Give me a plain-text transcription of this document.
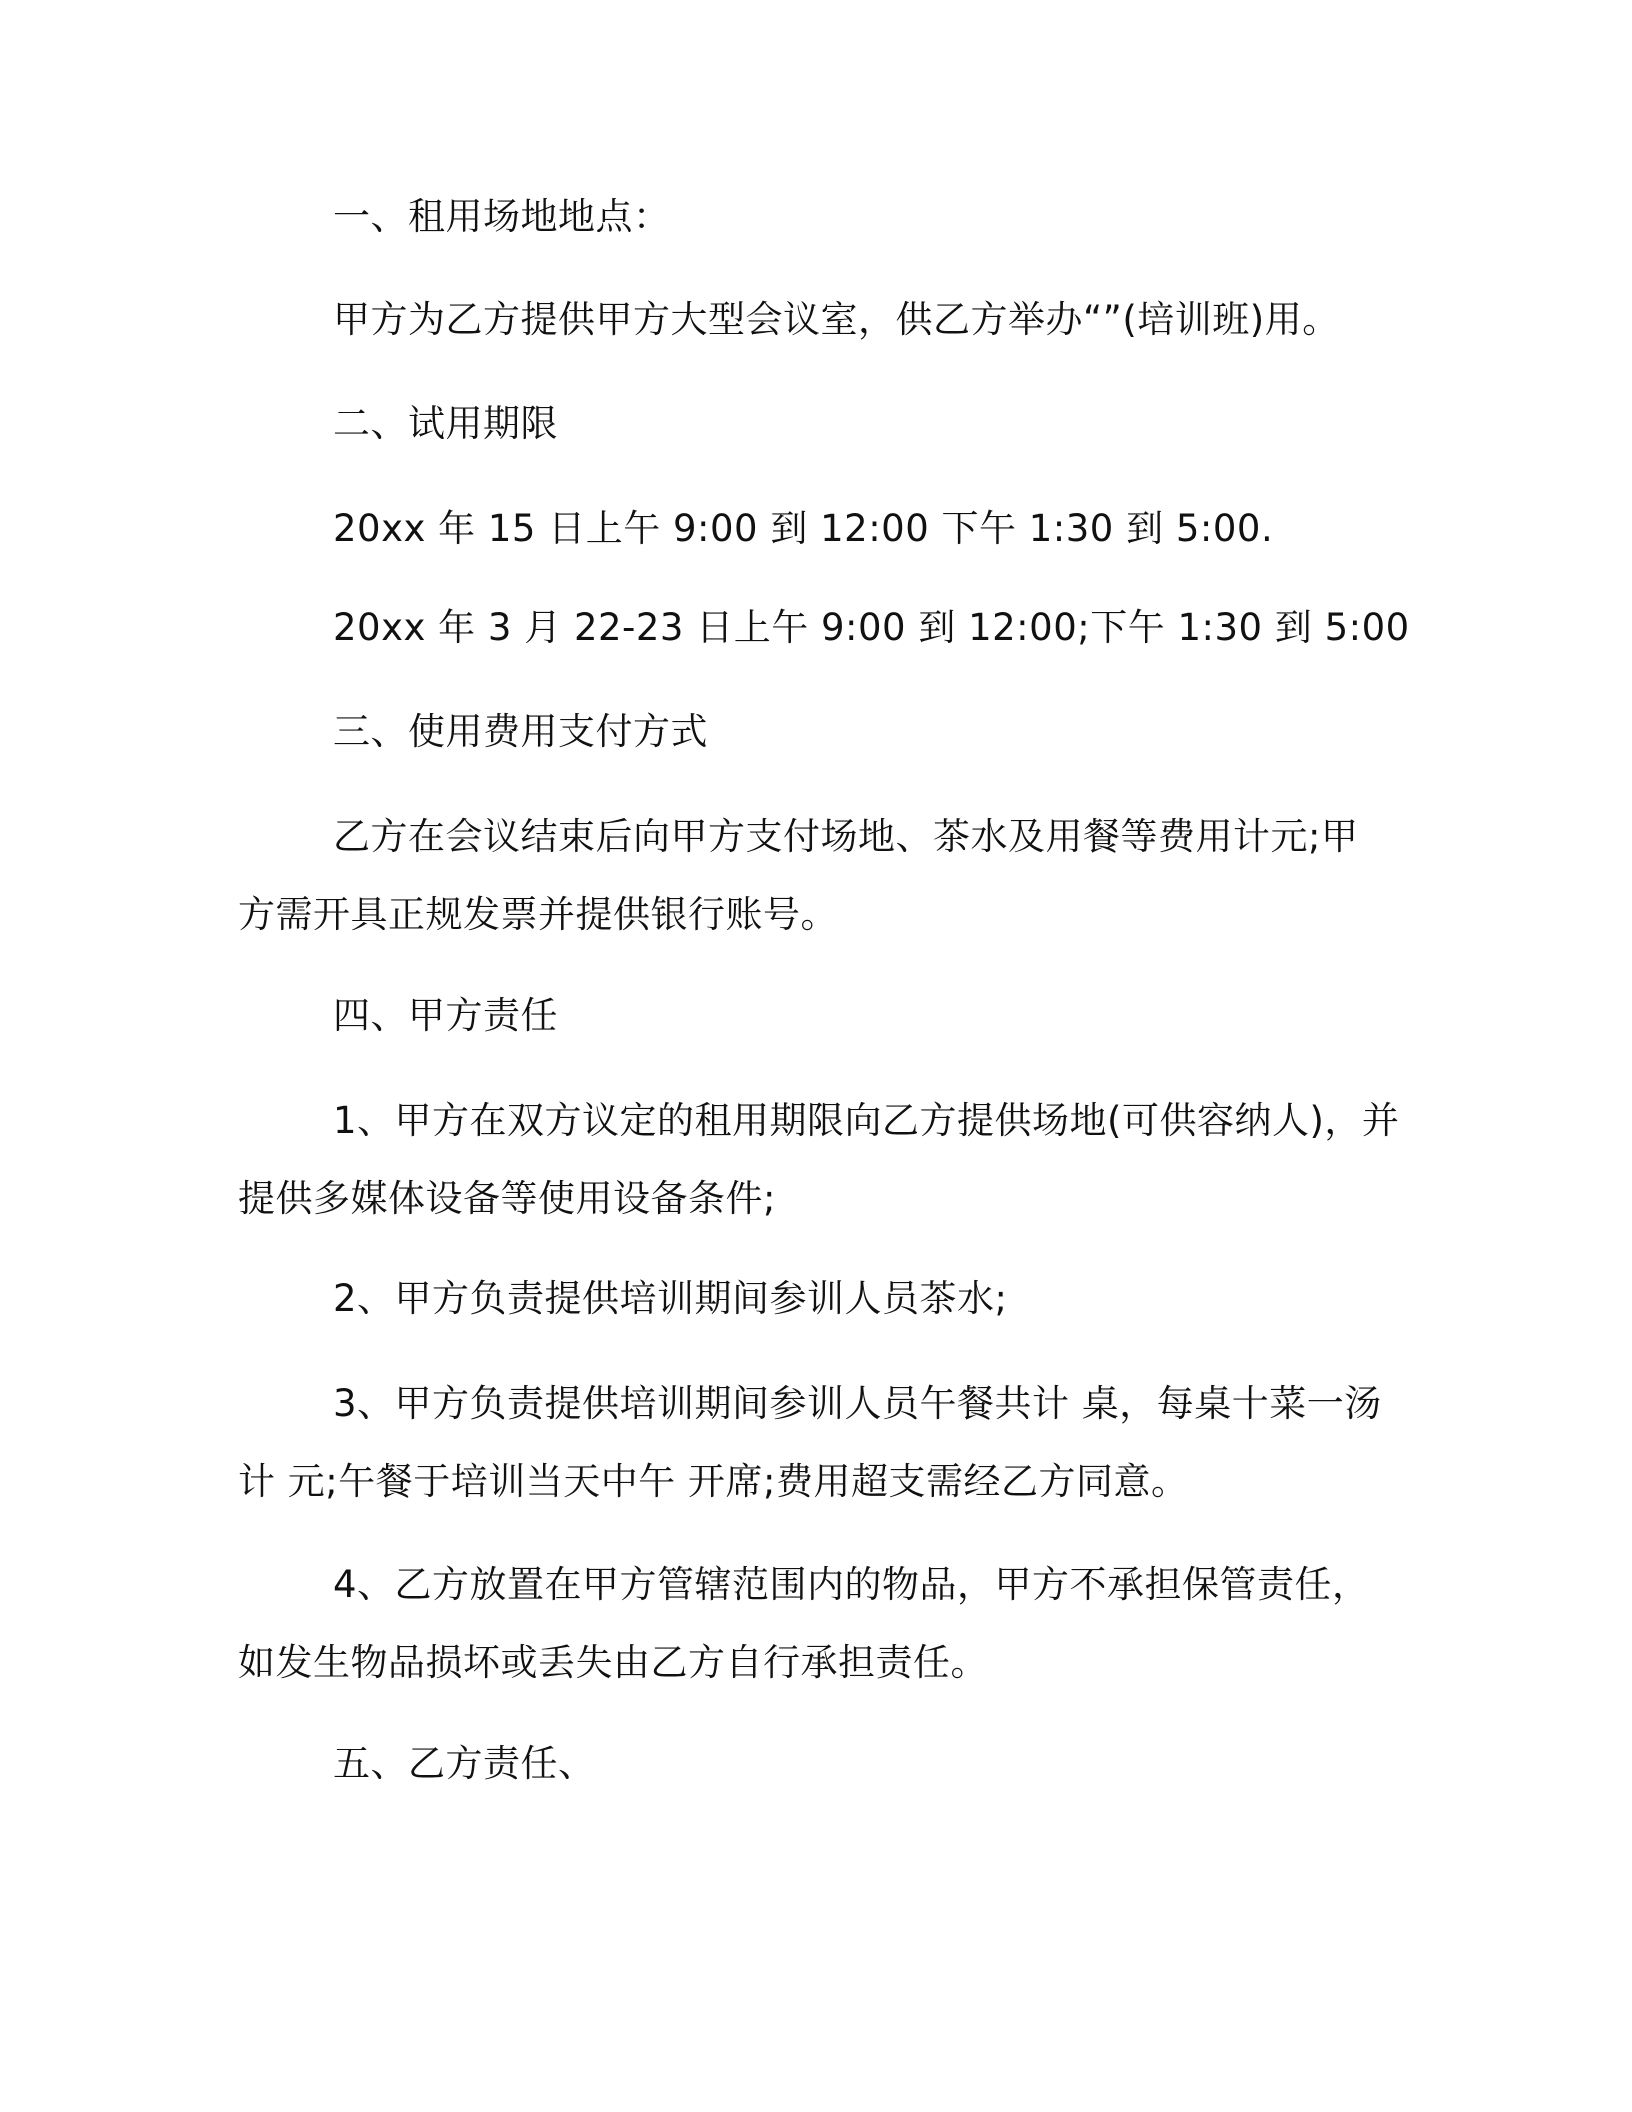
一、租用场地地点：

甲方为乙方提供甲方大型会议室，供乙方举办“”(培训班)用。

二、试用期限

20xx 年 15 日上午 9:00 到 12:00 下午 1:30 到 5:00.

20xx 年 3 月 22-23 日上午 9:00 到 12:00;下午 1:30 到 5:00

三、使用费用支付方式

乙方在会议结束后向甲方支付场地、茶水及用餐等费用计元;甲
方需开具正规发票并提供银行账号。

四、甲方责任

1、甲方在双方议定的租用期限向乙方提供场地(可供容纳人)，并
提供多媒体设备等使用设备条件;

2、甲方负责提供培训期间参训人员茶水;

3、甲方负责提供培训期间参训人员午餐共计 桌，每桌十菜一汤
计 元;午餐于培训当天中午 开席;费用超支需经乙方同意。

4、乙方放置在甲方管辖范围内的物品，甲方不承担保管责任，
如发生物品损坏或丢失由乙方自行承担责任。

五、乙方责任、
